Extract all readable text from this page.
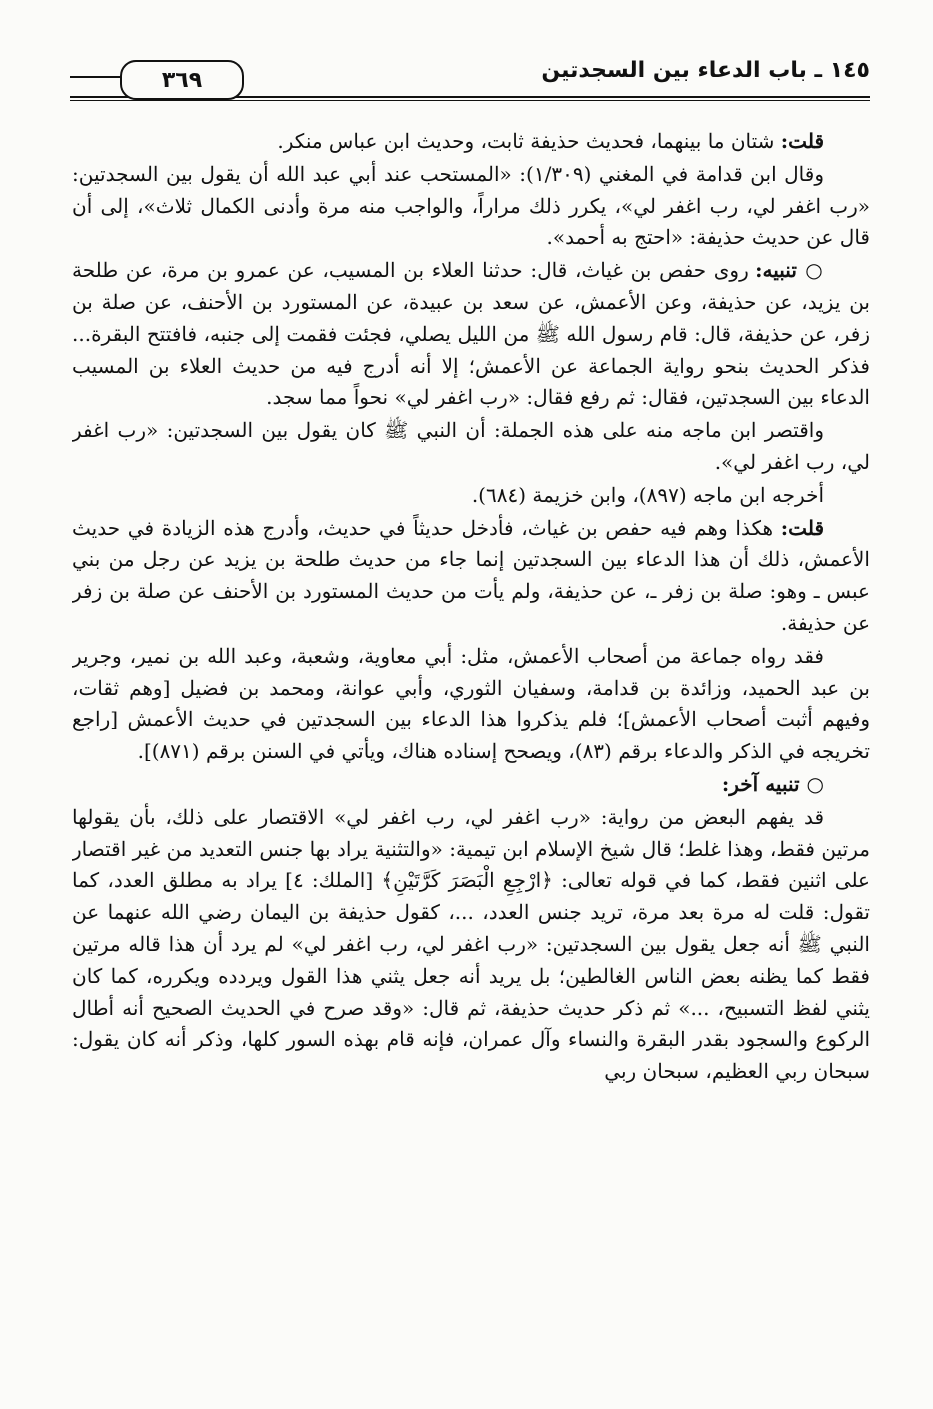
١٤٥ ـ باب الدعاء بين السجدتين
٣٦٩

قلت: شتان ما بينهما، فحديث حذيفة ثابت، وحديث ابن عباس منكر.

وقال ابن قدامة في المغني (١/٣٠٩): «المستحب عند أبي عبد الله أن يقول بين السجدتين: «رب اغفر لي، رب اغفر لي»، يكرر ذلك مراراً، والواجب منه مرة وأدنى الكمال ثلاث»، إلى أن قال عن حديث حذيفة: «احتج به أحمد».

○ تنبيه: روى حفص بن غياث، قال: حدثنا العلاء بن المسيب، عن عمرو بن مرة، عن طلحة بن يزيد، عن حذيفة، وعن الأعمش، عن سعد بن عبيدة، عن المستورد بن الأحنف، عن صلة بن زفر، عن حذيفة، قال: قام رسول الله ﷺ من الليل يصلي، فجئت فقمت إلى جنبه، فافتتح البقرة... فذكر الحديث بنحو رواية الجماعة عن الأعمش؛ إلا أنه أدرج فيه من حديث العلاء بن المسيب الدعاء بين السجدتين، فقال: ثم رفع فقال: «رب اغفر لي» نحواً مما سجد.

واقتصر ابن ماجه منه على هذه الجملة: أن النبي ﷺ كان يقول بين السجدتين: «رب اغفر لي، رب اغفر لي».

أخرجه ابن ماجه (٨٩٧)، وابن خزيمة (٦٨٤).

قلت: هكذا وهم فيه حفص بن غياث، فأدخل حديثاً في حديث، وأدرج هذه الزيادة في حديث الأعمش، ذلك أن هذا الدعاء بين السجدتين إنما جاء من حديث طلحة بن يزيد عن رجل من بني عبس ـ وهو: صلة بن زفر ـ، عن حذيفة، ولم يأت من حديث المستورد بن الأحنف عن صلة بن زفر عن حذيفة.

فقد رواه جماعة من أصحاب الأعمش، مثل: أبي معاوية، وشعبة، وعبد الله بن نمير، وجرير بن عبد الحميد، وزائدة بن قدامة، وسفيان الثوري، وأبي عوانة، ومحمد بن فضيل [وهم ثقات، وفيهم أثبت أصحاب الأعمش]؛ فلم يذكروا هذا الدعاء بين السجدتين في حديث الأعمش [راجع تخريجه في الذكر والدعاء برقم (٨٣)، ويصحح إسناده هناك، ويأتي في السنن برقم (٨٧١)].

○ تنبيه آخر:

قد يفهم البعض من رواية: «رب اغفر لي، رب اغفر لي» الاقتصار على ذلك، بأن يقولها مرتين فقط، وهذا غلط؛ قال شيخ الإسلام ابن تيمية: «والتثنية يراد بها جنس التعديد من غير اقتصار على اثنين فقط، كما في قوله تعالى: ﴿ارْجِعِ الْبَصَرَ كَرَّتَيْنِ﴾ [الملك: ٤] يراد به مطلق العدد، كما تقول: قلت له مرة بعد مرة، تريد جنس العدد، ...، كقول حذيفة بن اليمان رضي الله عنهما عن النبي ﷺ أنه جعل يقول بين السجدتين: «رب اغفر لي، رب اغفر لي» لم يرد أن هذا قاله مرتين فقط كما يظنه بعض الناس الغالطين؛ بل يريد أنه جعل يثني هذا القول ويردده ويكرره، كما كان يثني لفظ التسبيح، ...» ثم ذكر حديث حذيفة، ثم قال: «وقد صرح في الحديث الصحيح أنه أطال الركوع والسجود بقدر البقرة والنساء وآل عمران، فإنه قام بهذه السور كلها، وذكر أنه كان يقول: سبحان ربي العظيم، سبحان ربي
